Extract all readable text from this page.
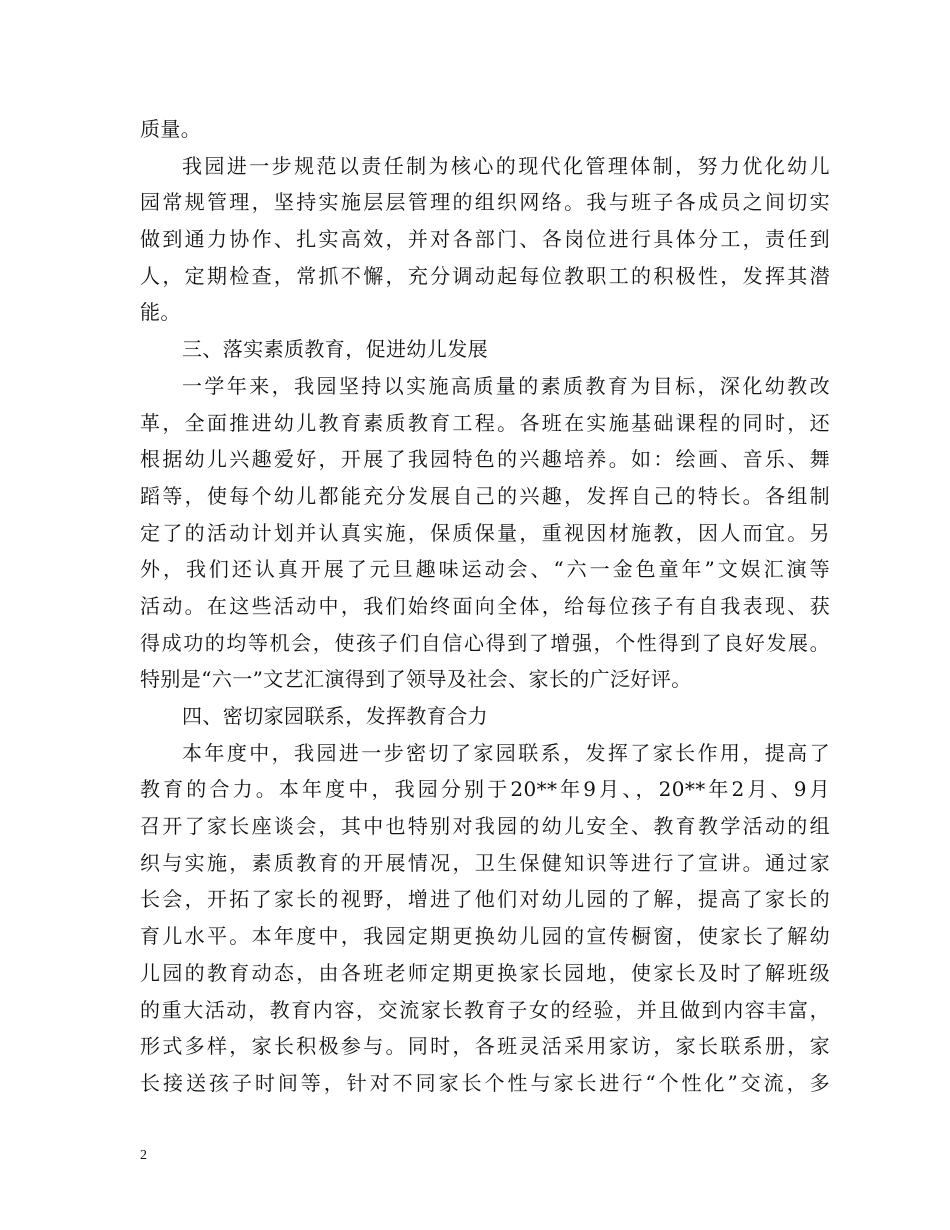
质量。
我园进一步规范以责任制为核心的现代化管理体制，努力优化幼儿
园常规管理，坚持实施层层管理的组织网络。我与班子各成员之间切实
做到通力协作、扎实高效，并对各部门、各岗位进行具体分工，责任到
人，定期检查，常抓不懈，充分调动起每位教职工的积极性，发挥其潜
能。
三、落实素质教育，促进幼儿发展
一学年来，我园坚持以实施高质量的素质教育为目标，深化幼教改
革，全面推进幼儿教育素质教育工程。各班在实施基础课程的同时，还
根据幼儿兴趣爱好，开展了我园特色的兴趣培养。如：绘画、音乐、舞
蹈等，使每个幼儿都能充分发展自己的兴趣，发挥自己的特长。各组制
定了的活动计划并认真实施，保质保量，重视因材施教，因人而宜。另
外，我们还认真开展了元旦趣味运动会、“六一金色童年”文娱汇演等
活动。在这些活动中，我们始终面向全体，给每位孩子有自我表现、获
得成功的均等机会，使孩子们自信心得到了增强，个性得到了良好发展。
特别是“六一”文艺汇演得到了领导及社会、家长的广泛好评。
四、密切家园联系，发挥教育合力
本年度中，我园进一步密切了家园联系，发挥了家长作用，提高了
教育的合力。本年度中，我园分别于20**年9月、，20**年2月、9月
召开了家长座谈会，其中也特别对我园的幼儿安全、教育教学活动的组
织与实施，素质教育的开展情况，卫生保健知识等进行了宣讲。通过家
长会，开拓了家长的视野，增进了他们对幼儿园的了解，提高了家长的
育儿水平。本年度中，我园定期更换幼儿园的宣传橱窗，使家长了解幼
儿园的教育动态，由各班老师定期更换家长园地，使家长及时了解班级
的重大活动，教育内容，交流家长教育子女的经验，并且做到内容丰富，
形式多样，家长积极参与。同时，各班灵活采用家访，家长联系册，家
长接送孩子时间等，针对不同家长个性与家长进行“个性化”交流，多
2
